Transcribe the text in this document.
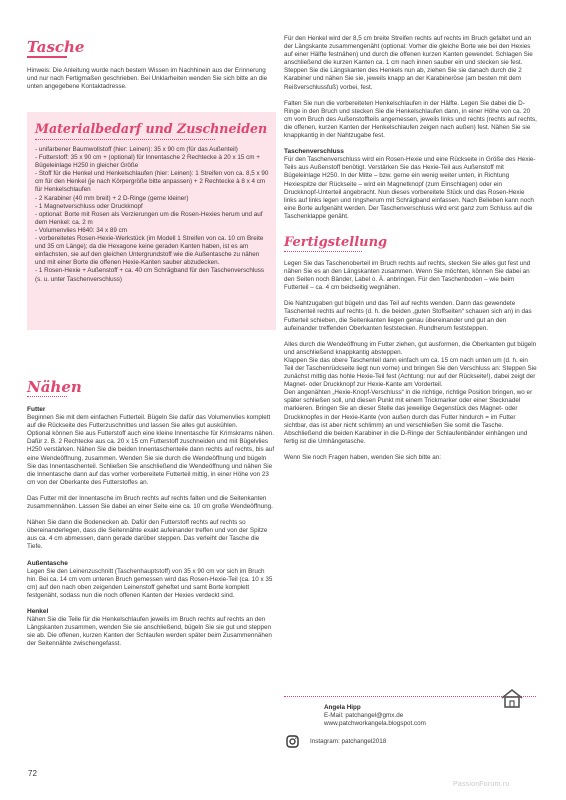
Tasche

Hinweis: Die Anleitung wurde nach bestem Wissen im Nachhinein aus der Erinnerung und nur nach Fertigmaßen geschrieben. Bei Unklarheiten wenden Sie sich bitte an die unten angegebene Kontaktadresse.

Materialbedarf und Zuschneiden
- unifarbener Baumwollstoff (hier: Leinen): 35 x 90 cm (für das Außenteil)
- Futterstoff: 35 x 90 cm + (optional) für Innentasche 2 Rechtecke à 20 x 15 cm + Bügeleinlage H250 in gleicher Größe
- Stoff für die Henkel und Henkelschlaufen (hier: Leinen): 1 Streifen von ca. 8,5 x 90 cm für den Henkel (je nach Körpergröße bitte anpassen) + 2 Rechtecke à 8 x 4 cm für Henkelschlaufen
- 2 Karabiner (40 mm breit) + 2 D-Ringe (gerne kleiner)
- 1 Magnetverschluss oder Druckknopf
- optional: Borte mit Rosen als Verzierungen um die Rosen-Hexies herum und auf dem Henkel: ca. 2 m
- Volumenvlies H640: 34 x 89 cm
- vorbereitetes Rosen-Hexie-Werkstück (im Modell 1 Streifen von ca. 10 cm Breite und 35 cm Länge); da die Hexagone keine geraden Kanten haben, ist es am einfachsten, sie auf den gleichen Untergrundstoff wie die Außentasche zu nähen und mit einer Borte die offenen Hexie-Kanten sauber abzudecken.
- 1 Rosen-Hexie + Außenstoff + ca. 40 cm Schrägband für den Taschenverschluss (s. u. unter Taschenverschluss)
Nähen

Futter

Beginnen Sie mit dem einfachen Futterteil. Bügeln Sie dafür das Volumenvlies komplett auf die Rückseite des Futterzuschnittes und lassen Sie alles gut auskühlen.

Optional können Sie aus Futterstoff auch eine kleine Innentasche für Krimskrams nähen. Dafür z. B. 2 Rechtecke aus ca. 20 x 15 cm Futterstoff zuschneiden und mit Bügelvlies H250 verstärken. Nähen Sie die beiden Innentaschenteile dann rechts auf rechts, bis auf eine Wendeöffnung, zusammen. Wenden Sie sie durch die Wendeöffnung und bügeln Sie das Innentaschenteil. Schließen Sie anschließend die Wendeöffnung und nähen Sie die Innentasche dann auf das vorher vorbereitete Futterteil mittig, in einer Höhe von 23 cm von der Oberkante des Futterstoffes an.

Das Futter mit der Innentasche im Bruch rechts auf rechts falten und die Seitenkanten zusammennähen. Lassen Sie dabei an einer Seite eine ca. 10 cm große Wendeöffnung.

Nähen Sie dann die Bodenecken ab. Dafür den Futterstoff rechts auf rechts so übereinanderlegen, dass die Seitennähte exakt aufeinander treffen und von der Spitze aus ca. 4 cm abmessen, dann gerade darüber steppen. Das verleiht der Tasche die Tiefe.

Außentasche

Legen Sie den Leinenzuschnitt (Taschenhauptstoff) von 35 x 90 cm vor sich im Bruch hin. Bei ca. 14 cm vom unteren Bruch gemessen wird das Rosen-Hexie-Teil (ca. 10 x 35 cm) auf den nach oben zeigenden Leinenstoff geheftet und samt Borte komplett festgenäht, sodass nun die noch offenen Kanten der Hexies verdeckt sind.

Henkel

Nähen Sie die Teile für die Henkelschlaufen jeweils im Bruch rechts auf rechts an den Längskanten zusammen, wenden Sie sie anschließend, bügeln Sie sie gut und steppen sie ab. Die offenen, kurzen Kanten der Schlaufen werden später beim Zusammennähen der Seitennähte zwischengefasst.

Für den Henkel wird der 8,5 cm breite Streifen rechts auf rechts im Bruch gefaltet und an der Längskante zusammengenäht (optional: Vorher die gleiche Borte wie bei den Hexies auf einer Hälfte festnähen) und durch die offenen kurzen Kanten gewendet. Schlagen Sie anschließend die kurzen Kanten ca. 1 cm nach innen sauber ein und stecken sie fest. Steppen Sie die Längskanten des Henkels nun ab, ziehen Sie sie danach durch die 2 Karabiner und nähen Sie sie, jeweils knapp an der Karabineröse (am besten mit dem Reißverschlussfuß) vorbei, fest.

Falten Sie nun die vorbereiteten Henkelschlaufen in der Hälfte. Legen Sie dabei die D-Ringe in den Bruch und stecken Sie die Henkelschlaufen dann, in einer Höhe von ca. 20 cm vom Bruch des Außenstoffteils angemessen, jeweils links und rechts (rechts auf rechts, die offenen, kurzen Kanten der Henkelschlaufen zeigen nach außen) fest. Nähen Sie sie knappkantig in der Nahtzugabe fest.

Taschenverschluss

Für den Taschenverschluss wird ein Rosen-Hexie und eine Rückseite in Größe des Hexie-Teils aus Außenstoff benötigt. Verstärken Sie das Hexie-Teil aus Außenstoff mit Bügeleinlage H250. In der Mitte – bzw. gerne ein wenig weiter unten, in Richtung Hexiespitze der Rückseite – wird ein Magnetknopf (zum Einschlagen) oder ein Druckknopf-Unterteil angebracht. Nun dieses vorbereitete Stück und das Rosen-Hexie links auf links legen und ringsherum mit Schrägband einfassen. Nach Belieben kann noch eine Borte aufgenäht werden. Der Taschenverschluss wird erst ganz zum Schluss auf die Taschenklappe genäht.

Fertigstellung

Legen Sie das Taschenoberteil im Bruch rechts auf rechts, stecken Sie alles gut fest und nähen Sie es an den Längskanten zusammen. Wenn Sie möchten, können Sie dabei an den Seiten noch Bänder, Label o. Ä. anbringen. Für den Taschenboden – wie beim Futterteil – ca. 4 cm beidseitig wegnähen.

Die Nahtzugaben gut bügeln und das Teil auf rechts wenden. Dann das gewendete Taschenteil rechts auf rechts (d. h. die beiden „guten Stoffseiten“ schauen sich an) in das Futterteil schieben, die Seitenkanten liegen genau übereinander und gut an den aufeinander treffenden Oberkanten feststecken. Rundherum feststeppen.

Alles durch die Wendeöffnung im Futter ziehen, gut ausformen, die Oberkanten gut bügeln und anschließend knappkantig absteppen.

Klappen Sie das obere Taschenteil dann einfach um ca. 15 cm nach unten um (d. h. ein Teil der Taschenrückseite liegt nun vorne) und bringen Sie den Verschluss an: Steppen Sie zunächst mittig das hohle Hexie-Teil fest (Achtung: nur auf der Rückseite!), dabei zeigt der Magnet- oder Druckknopf zur Hexie-Kante am Vorderteil.

Den angenähten „Hexie-Knopf-Verschluss“ in die richtige, richtige Position bringen, wo er später schließen soll, und diesen Punkt mit einem Trickmarker oder einer Stecknadel markieren. Bringen Sie an dieser Stelle das jeweilige Gegenstück des Magnet- oder Druckknopfes in der Hexie-Kante (von außen durch das Futter hindurch = im Futter sichtbar, das ist aber nicht schlimm) an und verschließen Sie somit die Tasche. Abschließend die beiden Karabiner in die D-Ringe der Schlaufenbänder einhängen und fertig ist die Umhängetasche.

Wenn Sie noch Fragen haben, wenden Sie sich bitte an:

Angela Hipp
E-Mail: patchangel@gmx.de
www.patchworkangela.blogspot.com
Instagram: patchangel2018
72
PassionForum.ru
